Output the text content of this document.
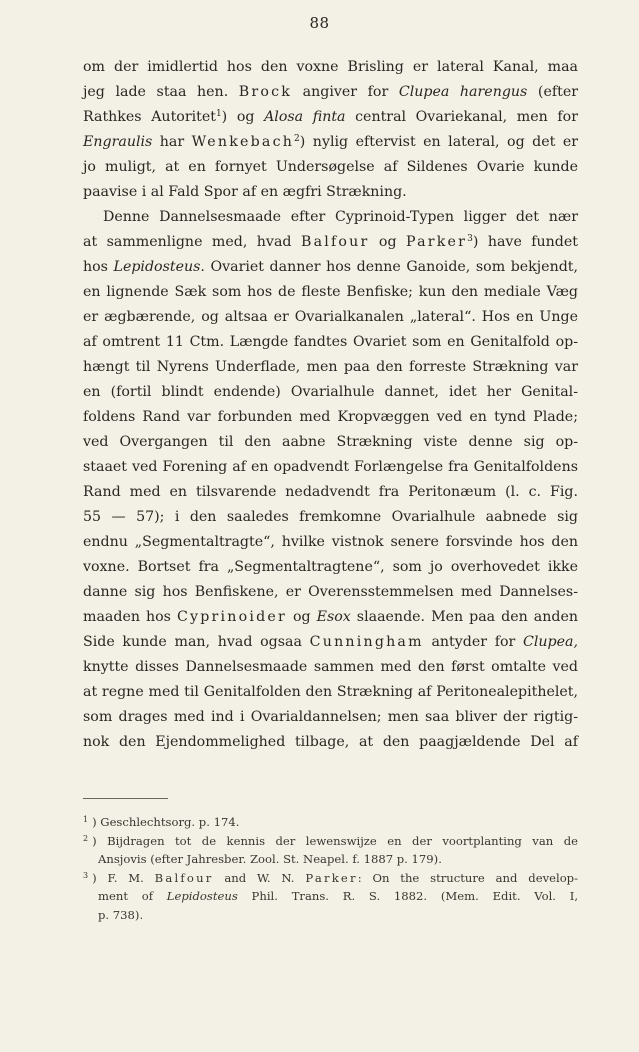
88
om der imidlertid hos den voxne Brisling er lateral Kanal, maa
jeg lade staa hen. Brock angiver for Clupea harengus (efter
Rathkes Autoritet$^1$) og Alosa finta central Ovariekanal, men for
Engraulis har Wenkebach$^2$) nylig eftervist en lateral, og det er
jo muligt, at en fornyet Undersøgelse af Sildenes Ovarie kunde
paavise i al Fald Spor af en ægfri Strækning.
Denne Dannelsesmaade efter Cyprinoid-Typen ligger det nær
at sammenligne med, hvad Balfour og Parker$^3$) have fundet
hos Lepidosteus. Ovariet danner hos denne Ganoide, som bekjendt,
en lignende Sæk som hos de fleste Benfiske; kun den mediale Væg
er ægbærende, og altsaa er Ovarialkanalen „lateral“. Hos en Unge
af omtrent 11 Ctm. Længde fandtes Ovariet som en Genitalfold op-
hængt til Nyrens Underflade, men paa den forreste Strækning var
en (fortil blindt endende) Ovarialhule dannet, idet her Genital-
foldens Rand var forbunden med Kropvæggen ved en tynd Plade;
ved Overgangen til den aabne Strækning viste denne sig op-
staaet ved Forening af en opadvendt Forlængelse fra Genitalfoldens
Rand med en tilsvarende nedadvendt fra Peritonæum (l. c. Fig.
55 — 57); i den saaledes fremkomne Ovarialhule aabnede sig
endnu „Segmentaltragte“, hvilke vistnok senere forsvinde hos den
voxne. Bortset fra „Segmentaltragtene“, som jo overhovedet ikke
danne sig hos Benfiskene, er Overensstemmelsen med Dannelses-
maaden hos Cyprinoider og Esox slaaende. Men paa den anden
Side kunde man, hvad ogsaa Cunningham antyder for Clupea,
knytte disses Dannelsesmaade sammen med den først omtalte ved
at regne med til Genitalfolden den Strækning af Peritonealepithelet,
som drages med ind i Ovarialdannelsen; men saa bliver der rigtig-
nok den Ejendommelighed tilbage, at den paagjældende Del af
$^1$ ) Geschlechtsorg. p. 174.
$^2$ ) Bijdragen tot de kennis der lewenswijze en der voortplanting van de
Ansjovis (efter Jahresber. Zool. St. Neapel. f. 1887 p. 179).
$^3$ ) F. M. Balfour and W. N. Parker: On the structure and develop-
ment of Lepidosteus Phil. Trans. R. S. 1882. (Mem. Edit. Vol. I,
p. 738).
